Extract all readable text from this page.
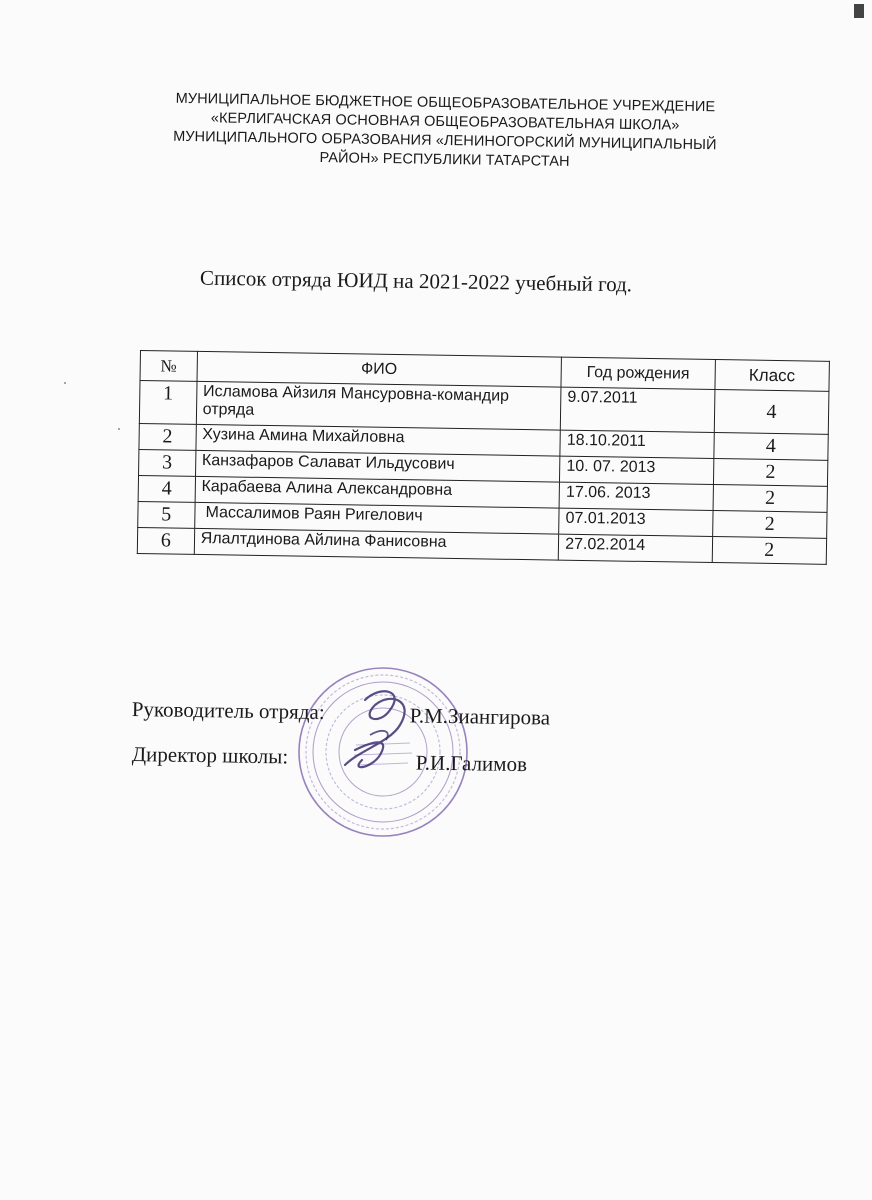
МУНИЦИПАЛЬНОЕ БЮДЖЕТНОЕ ОБЩЕОБРАЗОВАТЕЛЬНОЕ УЧРЕЖДЕНИЕ
«КЕРЛИГАЧСКАЯ ОСНОВНАЯ ОБЩЕОБРАЗОВАТЕЛЬНАЯ ШКОЛА»
МУНИЦИПАЛЬНОГО ОБРАЗОВАНИЯ «ЛЕНИНОГОРСКИЙ МУНИЦИПАЛЬНЫЙ
РАЙОН» РЕСПУБЛИКИ ТАТАРСТАН
Список отряда ЮИД на 2021-2022 учебный год.
№	ФИО	Год рождения	Класс
1	Исламова Айзиля Мансуровна-командир отряда	9.07.2011	4
2	Хузина Амина Михайловна	18.10.2011	4
3	Канзафаров Салават Ильдусович	10. 07. 2013	2
4	Карабаева Алина Александровна	17.06. 2013	2
5	Массалимов Раян Ригелович	07.01.2013	2
6	Ялалтдинова Айлина Фанисовна	27.02.2014	2
Руководитель отряда:	Р.М.Зиангирова
Директор школы:	Р.И.Галимов
